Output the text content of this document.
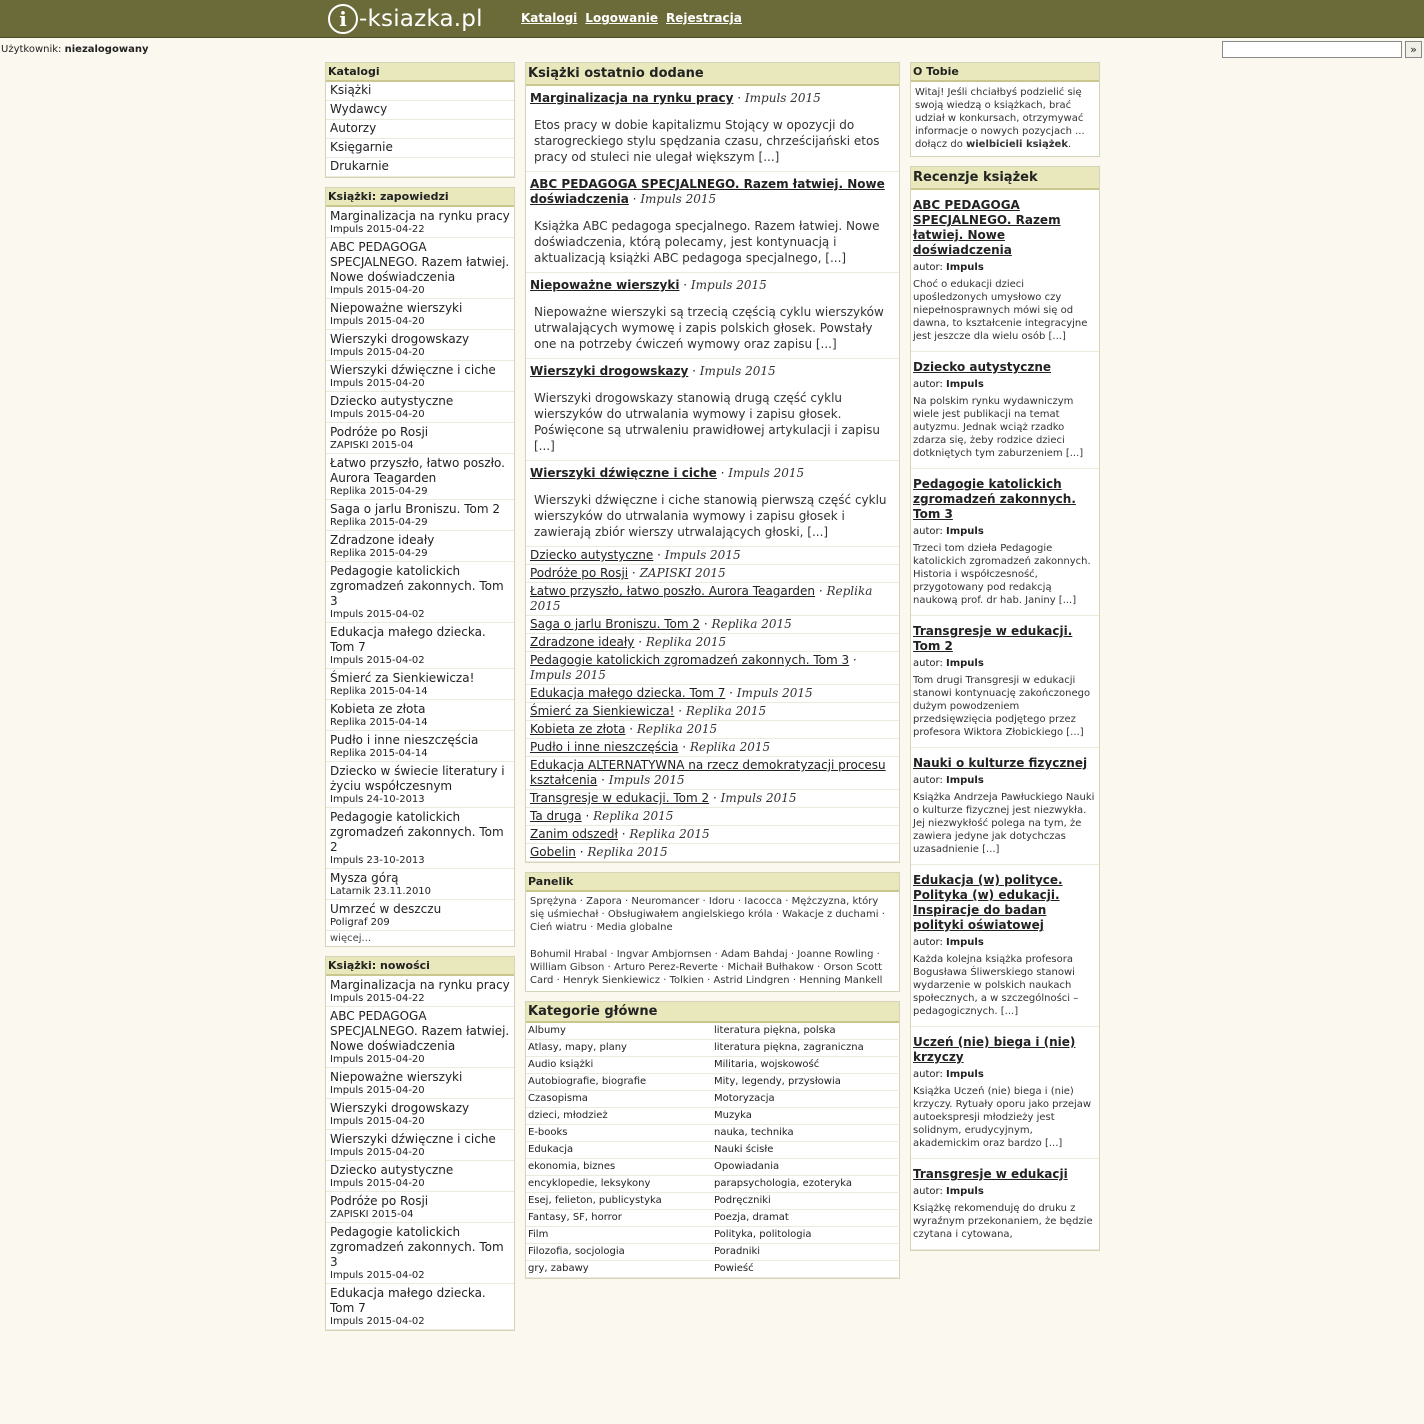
i -ksiazka.pl	Katalogi Logowanie Rejestracja
Użytkownik: niezalogowany	»
Katalogi
Książki
Wydawcy
Autorzy
Księgarnie
Drukarnie
Książki: zapowiedzi
Marginalizacja na rynku pracy
Impuls 2015-04-22
ABC PEDAGOGA SPECJALNEGO. Razem łatwiej. Nowe doświadczenia
Impuls 2015-04-20
Niepoważne wierszyki
Impuls 2015-04-20
Wierszyki drogowskazy
Impuls 2015-04-20
Wierszyki dźwięczne i ciche
Impuls 2015-04-20
Dziecko autystyczne
Impuls 2015-04-20
Podróże po Rosji
ZAPISKI 2015-04
Łatwo przyszło, łatwo poszło. Aurora Teagarden
Replika 2015-04-29
Saga o jarlu Broniszu. Tom 2
Replika 2015-04-29
Zdradzone ideały
Replika 2015-04-29
Pedagogie katolickich zgromadzeń zakonnych. Tom 3
Impuls 2015-04-02
Edukacja małego dziecka. Tom 7
Impuls 2015-04-02
Śmierć za Sienkiewicza!
Replika 2015-04-14
Kobieta ze złota
Replika 2015-04-14
Pudło i inne nieszczęścia
Replika 2015-04-14
Dziecko w świecie literatury i życiu współczesnym
Impuls 24-10-2013
Pedagogie katolickich zgromadzeń zakonnych. Tom 2
Impuls 23-10-2013
Mysza górą
Latarnik 23.11.2010
Umrzeć w deszczu
Poligraf 209
więcej...
Książki: nowości
Marginalizacja na rynku pracy
Impuls 2015-04-22
ABC PEDAGOGA SPECJALNEGO. Razem łatwiej. Nowe doświadczenia
Impuls 2015-04-20
Niepoważne wierszyki
Impuls 2015-04-20
Wierszyki drogowskazy
Impuls 2015-04-20
Wierszyki dźwięczne i ciche
Impuls 2015-04-20
Dziecko autystyczne
Impuls 2015-04-20
Podróże po Rosji
ZAPISKI 2015-04
Pedagogie katolickich zgromadzeń zakonnych. Tom 3
Impuls 2015-04-02
Edukacja małego dziecka. Tom 7
Impuls 2015-04-02
Książki ostatnio dodane
Marginalizacja na rynku pracy · Impuls 2015
Etos pracy w dobie kapitalizmu Stojący w opozycji do starogreckiego stylu spędzania czasu, chrześcijański etos pracy od stuleci nie ulegał większym [...]
ABC PEDAGOGA SPECJALNEGO. Razem łatwiej. Nowe doświadczenia · Impuls 2015
Książka ABC pedagoga specjalnego. Razem łatwiej. Nowe doświadczenia, którą polecamy, jest kontynuacją i aktualizacją książki ABC pedagoga specjalnego, [...]
Niepoważne wierszyki · Impuls 2015
Niepoważne wierszyki są trzecią częścią cyklu wierszyków utrwalających wymowę i zapis polskich głosek. Powstały one na potrzeby ćwiczeń wymowy oraz zapisu [...]
Wierszyki drogowskazy · Impuls 2015
Wierszyki drogowskazy stanowią drugą część cyklu wierszyków do utrwalania wymowy i zapisu głosek. Poświęcone są utrwaleniu prawidłowej artykulacji i zapisu [...]
Wierszyki dźwięczne i ciche · Impuls 2015
Wierszyki dźwięczne i ciche stanowią pierwszą część cyklu wierszyków do utrwalania wymowy i zapisu głosek i zawierają zbiór wierszy utrwalających głoski, [...]
Dziecko autystyczne · Impuls 2015
Podróże po Rosji · ZAPISKI 2015
Łatwo przyszło, łatwo poszło. Aurora Teagarden · Replika 2015
Saga o jarlu Broniszu. Tom 2 · Replika 2015
Zdradzone ideały · Replika 2015
Pedagogie katolickich zgromadzeń zakonnych. Tom 3 · Impuls 2015
Edukacja małego dziecka. Tom 7 · Impuls 2015
Śmierć za Sienkiewicza! · Replika 2015
Kobieta ze złota · Replika 2015
Pudło i inne nieszczęścia · Replika 2015
Edukacja ALTERNATYWNA na rzecz demokratyzacji procesu kształcenia · Impuls 2015
Transgresje w edukacji. Tom 2 · Impuls 2015
Ta druga · Replika 2015
Zanim odszedł · Replika 2015
Gobelin · Replika 2015
Panelik
Sprężyna · Zapora · Neuromancer · Idoru · Iacocca · Mężczyzna, który się uśmiechał · Obsługiwałem angielskiego króla · Wakacje z duchami · Cień wiatru · Media globalne
Bohumil Hrabal · Ingvar Ambjornsen · Adam Bahdaj · Joanne Rowling · William Gibson · Arturo Perez-Reverte · Michaił Bułhakow · Orson Scott Card · Henryk Sienkiewicz · Tolkien · Astrid Lindgren · Henning Mankell
Kategorie główne
Albumy	literatura piękna, polska
Atlasy, mapy, plany	literatura piękna, zagraniczna
Audio książki	Militaria, wojskowość
Autobiografie, biografie	Mity, legendy, przysłowia
Czasopisma	Motoryzacja
dzieci, młodzież	Muzyka
E-books	nauka, technika
Edukacja	Nauki ścisłe
ekonomia, biznes	Opowiadania
encyklopedie, leksykony	parapsychologia, ezoteryka
Esej, felieton, publicystyka	Podręczniki
Fantasy, SF, horror	Poezja, dramat
Film	Polityka, politologia
Filozofia, socjologia	Poradniki
gry, zabawy	Powieść
O Tobie
Witaj! Jeśli chciałbyś podzielić się swoją wiedzą o książkach, brać udział w konkursach, otrzymywać informacje o nowych pozycjach ... dołącz do wielbicieli książek.
Recenzje książek
ABC PEDAGOGA SPECJALNEGO. Razem łatwiej. Nowe doświadczenia
autor: Impuls
Choć o edukacji dzieci upośledzonych umysłowo czy niepełnosprawnych mówi się od dawna, to kształcenie integracyjne jest jeszcze dla wielu osób [...]
Dziecko autystyczne
autor: Impuls
Na polskim rynku wydawniczym wiele jest publikacji na temat autyzmu. Jednak wciąż rzadko zdarza się, żeby rodzice dzieci dotkniętych tym zaburzeniem [...]
Pedagogie katolickich zgromadzeń zakonnych. Tom 3
autor: Impuls
Trzeci tom dzieła Pedagogie katolickich zgromadzeń zakonnych. Historia i współczesność, przygotowany pod redakcją naukową prof. dr hab. Janiny [...]
Transgresje w edukacji. Tom 2
autor: Impuls
Tom drugi Transgresji w edukacji stanowi kontynuację zakończonego dużym powodzeniem przedsięwzięcia podjętego przez profesora Wiktora Złobickiego [...]
Nauki o kulturze fizycznej
autor: Impuls
Książka Andrzeja Pawłuckiego Nauki o kulturze fizycznej jest niezwykła. Jej niezwykłość polega na tym, że zawiera jedyne jak dotychczas uzasadnienie [...]
Edukacja (w) polityce. Polityka (w) edukacji. Inspiracje do badan polityki oświatowej
autor: Impuls
Każda kolejna książka profesora Bogusława Śliwerskiego stanowi wydarzenie w polskich naukach społecznych, a w szczególności – pedagogicznych. [...]
Uczeń (nie) biega i (nie) krzyczy
autor: Impuls
Książka Uczeń (nie) biega i (nie) krzyczy. Rytuały oporu jako przejaw autoekspresji młodzieży jest solidnym, erudycyjnym, akademickim oraz bardzo [...]
Transgresje w edukacji
autor: Impuls
Książkę rekomenduję do druku z wyraźnym przekonaniem, że będzie czytana i cytowana,
